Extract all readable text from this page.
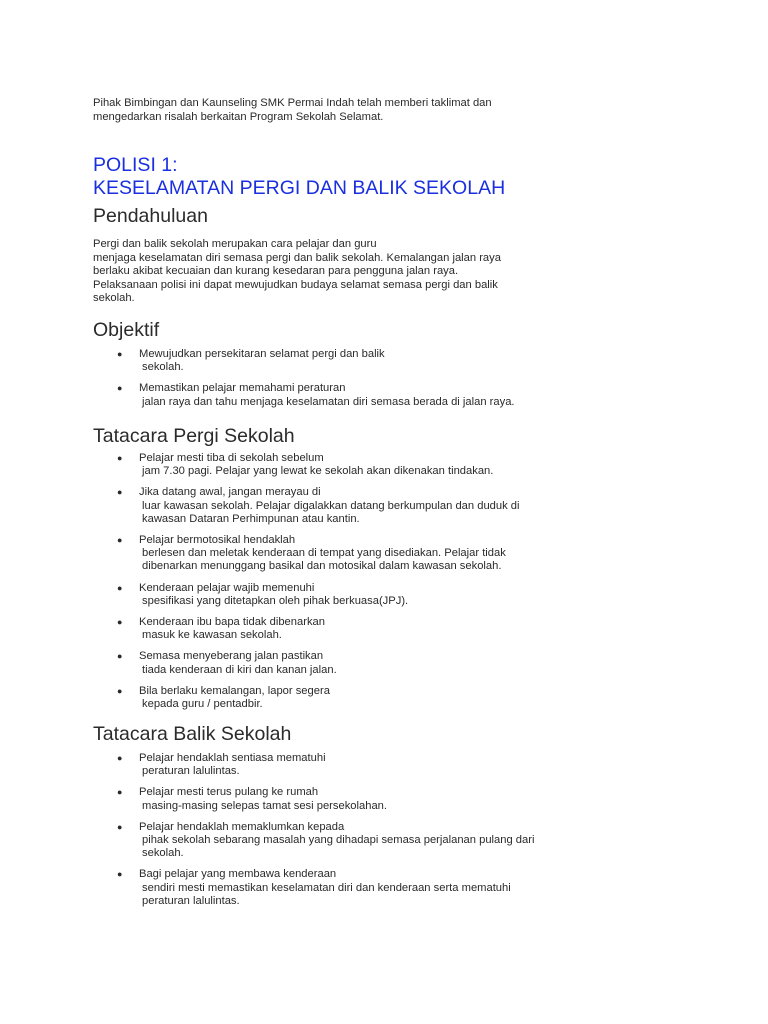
Pihak Bimbingan dan Kaunseling SMK Permai Indah telah memberi taklimat dan
mengedarkan risalah berkaitan Program Sekolah Selamat.
POLISI 1:
KESELAMATAN PERGI DAN BALIK SEKOLAH
Pendahuluan
Pergi dan balik sekolah merupakan cara pelajar dan guru
menjaga keselamatan diri semasa pergi dan balik sekolah. Kemalangan jalan raya
berlaku akibat kecuaian dan kurang kesedaran para pengguna jalan raya.
Pelaksanaan polisi ini dapat mewujudkan budaya selamat semasa pergi dan balik
sekolah.
Objektif
● Mewujudkan persekitaran selamat pergi dan balik
sekolah.
● Memastikan pelajar memahami peraturan
jalan raya dan tahu menjaga keselamatan diri semasa berada di jalan raya.
Tatacara Pergi Sekolah
● Pelajar mesti tiba di sekolah sebelum
jam 7.30 pagi. Pelajar yang lewat ke sekolah akan dikenakan tindakan.
● Jika datang awal, jangan merayau di
luar kawasan sekolah. Pelajar digalakkan datang berkumpulan dan duduk di
kawasan Dataran Perhimpunan atau kantin.
● Pelajar bermotosikal hendaklah
berlesen dan meletak kenderaan di tempat yang disediakan. Pelajar tidak
dibenarkan menunggang basikal dan motosikal dalam kawasan sekolah.
● Kenderaan pelajar wajib memenuhi
spesifikasi yang ditetapkan oleh pihak berkuasa(JPJ).
● Kenderaan ibu bapa tidak dibenarkan
masuk ke kawasan sekolah.
● Semasa menyeberang jalan pastikan
tiada kenderaan di kiri dan kanan jalan.
● Bila berlaku kemalangan, lapor segera
kepada guru / pentadbir.
Tatacara Balik Sekolah
● Pelajar hendaklah sentiasa mematuhi
peraturan lalulintas.
● Pelajar mesti terus pulang ke rumah
masing-masing selepas tamat sesi persekolahan.
● Pelajar hendaklah memaklumkan kepada
pihak sekolah sebarang masalah yang dihadapi semasa perjalanan pulang dari
sekolah.
● Bagi pelajar yang membawa kenderaan
sendiri mesti memastikan keselamatan diri dan kenderaan serta mematuhi
peraturan lalulintas.
